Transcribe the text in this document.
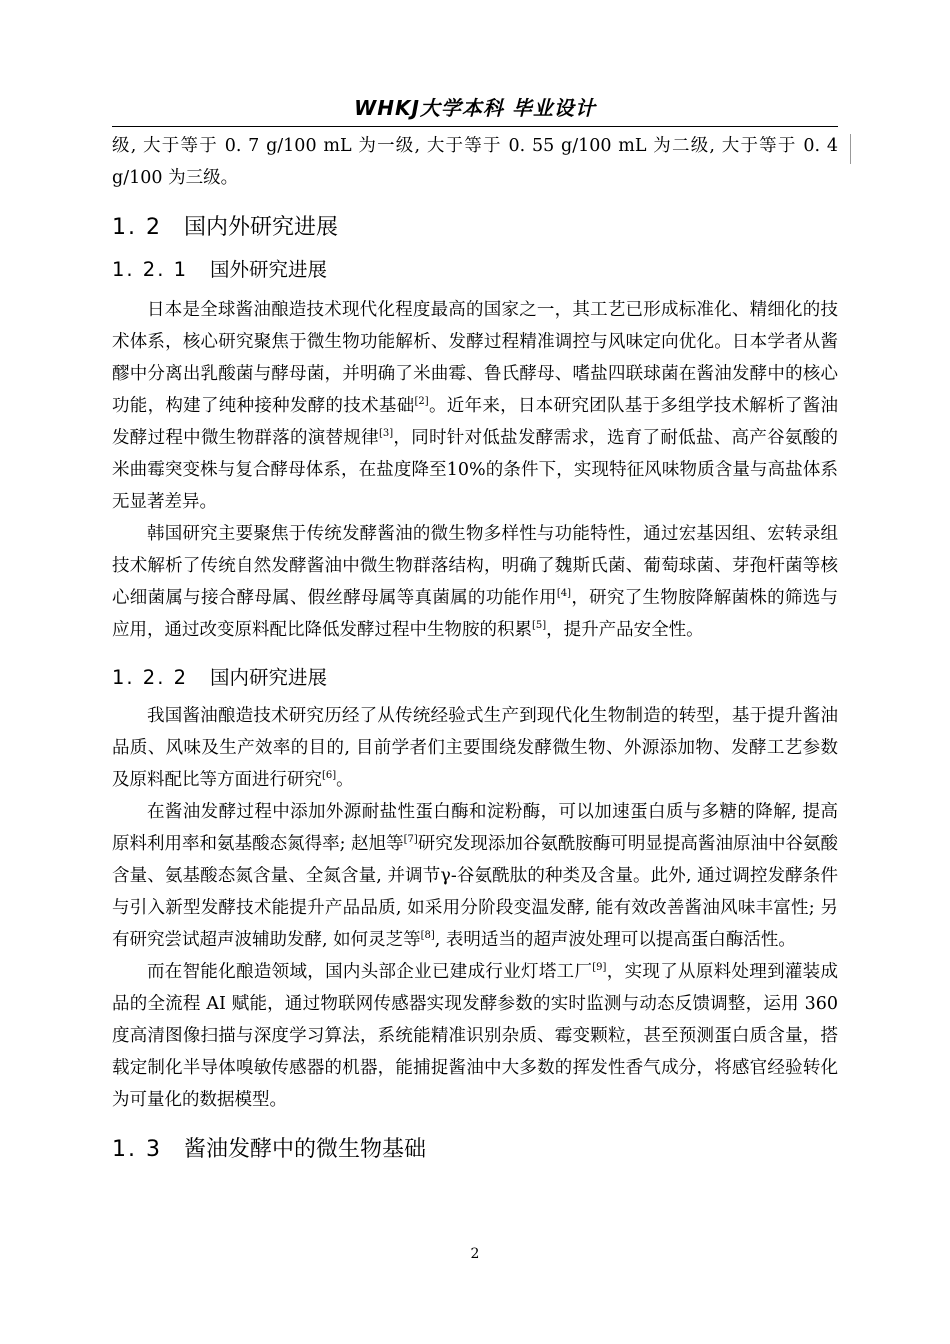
WHKJ大学本科 毕业设计

级, 大于等于 0. 7 g/100 mL 为一级, 大于等于 0. 55 g/100 mL 为二级, 大于等于 0. 4 g/100 为三级。

1. 2 国内外研究进展
1. 2. 1 国外研究进展

日本是全球酱油酿造技术现代化程度最高的国家之一，其工艺已形成标准化、精细化的技术体系，核心研究聚焦于微生物功能解析、发酵过程精准调控与风味定向优化。日本学者从酱醪中分离出乳酸菌与酵母菌，并明确了米曲霉、鲁氏酵母、嗜盐四联球菌在酱油发酵中的核心功能，构建了纯种接种发酵的技术基础[2]。近年来，日本研究团队基于多组学技术解析了酱油发酵过程中微生物群落的演替规律[3]，同时针对低盐发酵需求，选育了耐低盐、高产谷氨酸的米曲霉突变株与复合酵母体系，在盐度降至10%的条件下，实现特征风味物质含量与高盐体系无显著差异。

韩国研究主要聚焦于传统发酵酱油的微生物多样性与功能特性，通过宏基因组、宏转录组技术解析了传统自然发酵酱油中微生物群落结构，明确了魏斯氏菌、葡萄球菌、芽孢杆菌等核心细菌属与接合酵母属、假丝酵母属等真菌属的功能作用[4]，研究了生物胺降解菌株的筛选与应用，通过改变原料配比降低发酵过程中生物胺的积累[5]，提升产品安全性。

1. 2. 2 国内研究进展

我国酱油酿造技术研究历经了从传统经验式生产到现代化生物制造的转型，基于提升酱油品质、风味及生产效率的目的, 目前学者们主要围绕发酵微生物、外源添加物、发酵工艺参数及原料配比等方面进行研究[6]。

在酱油发酵过程中添加外源耐盐性蛋白酶和淀粉酶，可以加速蛋白质与多糖的降解, 提高原料利用率和氨基酸态氮得率; 赵旭等[7]研究发现添加谷氨酰胺酶可明显提高酱油原油中谷氨酸含量、氨基酸态氮含量、全氮含量, 并调节γ-谷氨酰肽的种类及含量。此外, 通过调控发酵条件与引入新型发酵技术能提升产品品质, 如采用分阶段变温发酵, 能有效改善酱油风味丰富性; 另有研究尝试超声波辅助发酵, 如何灵芝等[8], 表明适当的超声波处理可以提高蛋白酶活性。

而在智能化酿造领域，国内头部企业已建成行业灯塔工厂[9]，实现了从原料处理到灌装成品的全流程 AI 赋能，通过物联网传感器实现发酵参数的实时监测与动态反馈调整，运用 360 度高清图像扫描与深度学习算法，系统能精准识别杂质、霉变颗粒，甚至预测蛋白质含量，搭载定制化半导体嗅敏传感器的机器，能捕捉酱油中大多数的挥发性香气成分，将感官经验转化为可量化的数据模型。

1. 3 酱油发酵中的微生物基础
2
